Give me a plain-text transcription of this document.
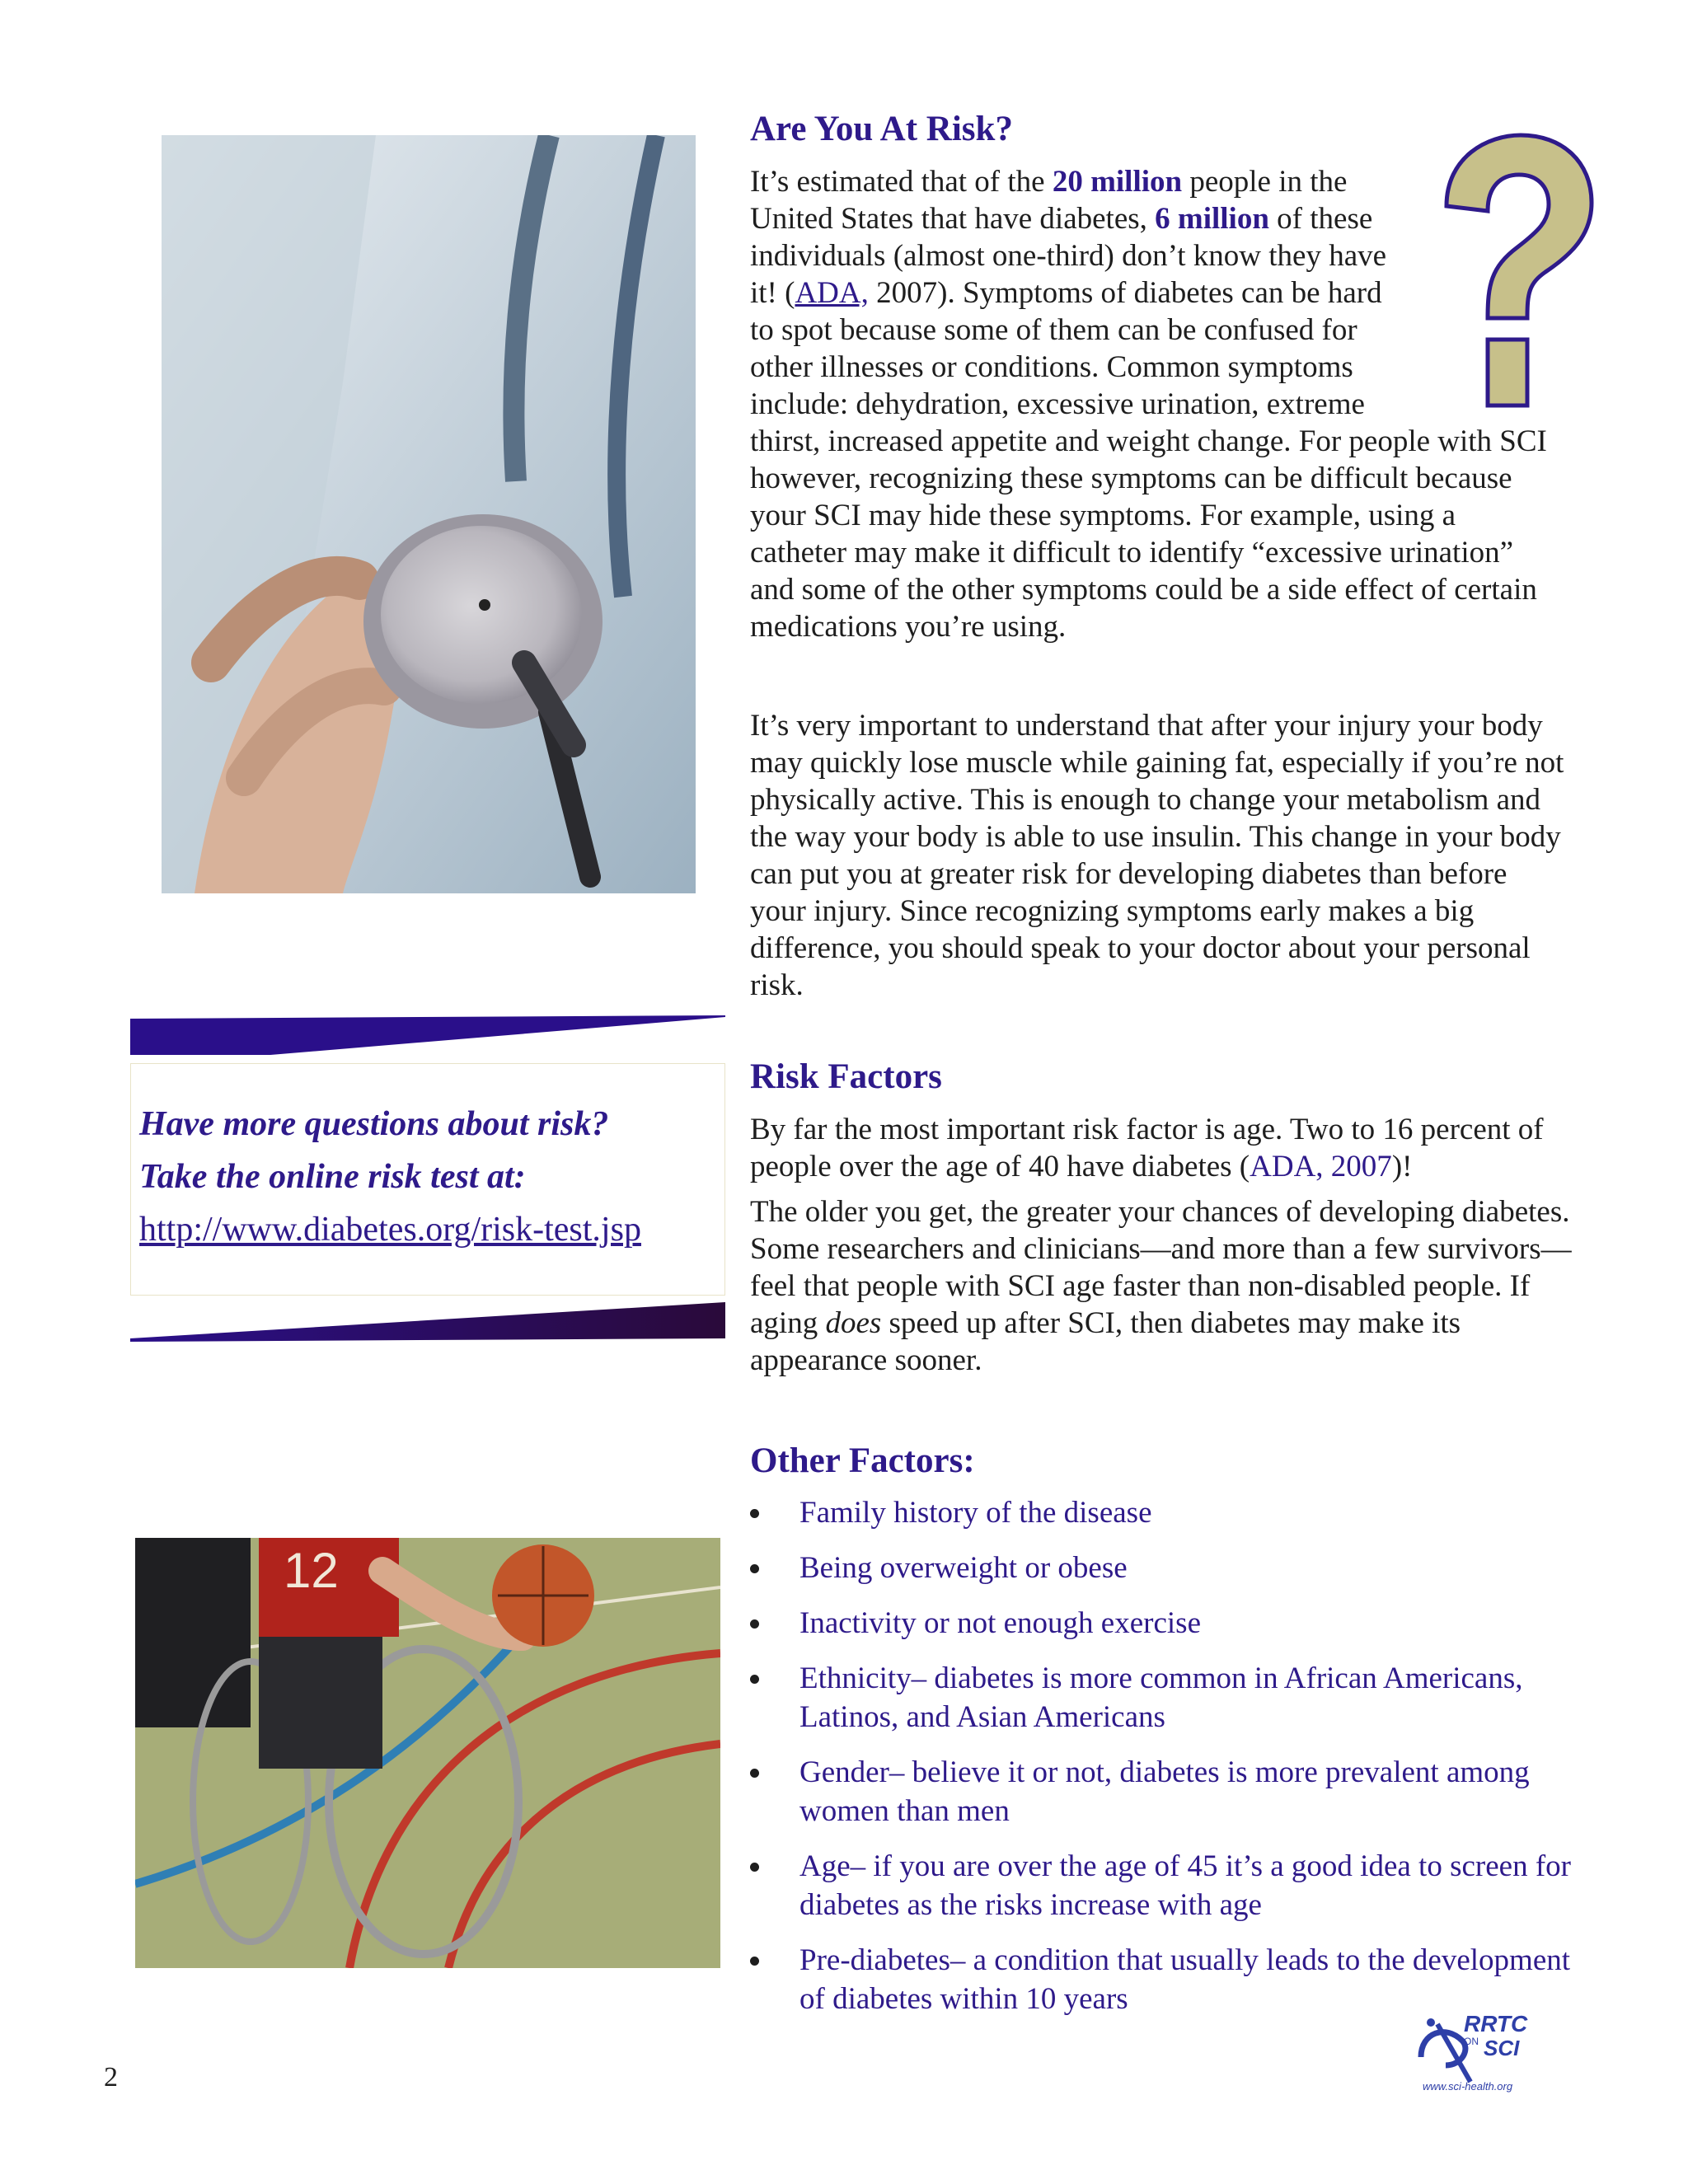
Are You At Risk?
It’s estimated that of the 20 million people in the United States that have diabetes, 6 million of these individuals (almost one-third) don’t know they have it! (ADA, 2007). Symptoms of diabetes can be hard to spot because some of them can be confused for other illnesses or conditions. Common symptoms include: dehydration, excessive urination, extreme thirst, increased appetite and weight change. For people with SCI however, recognizing these symptoms can be difficult because your SCI may hide these symptoms. For example, using a catheter may make it difficult to identify “excessive urination” and some of the other symptoms could be a side effect of certain medications you’re using.
It’s very important to understand that after your injury your body may quickly lose muscle while gaining fat, especially if you’re not physically active. This is enough to change your metabolism and the way your body is able to use insulin. This change in your body can put you at greater risk for developing diabetes than before your injury. Since recognizing symptoms early makes a big difference, you should speak to your doctor about your personal risk.
Have more questions about risk?
Take the online risk test at:
http://www.diabetes.org/risk-test.jsp
Risk Factors
By far the most important risk factor is age. Two to 16 percent of people over the age of 40 have diabetes (ADA, 2007)!
The older you get, the greater your chances of developing diabetes. Some researchers and clinicians—and more than a few survivors—feel that people with SCI age faster than non-disabled people. If aging does speed up after SCI, then diabetes may make its appearance sooner.
Other Factors:
Family history of the disease
Being overweight or obese
Inactivity or not enough exercise
Ethnicity– diabetes is more common in African Americans, Latinos, and Asian Americans
Gender– believe it or not, diabetes is more prevalent among women than men
Age– if you are over the age of 45 it’s a good idea to screen for diabetes as the risks increase with age
Pre-diabetes– a condition that usually leads to the development of diabetes within 10 years
12
2
RRTC
ON SCI
www.sci-health.org
